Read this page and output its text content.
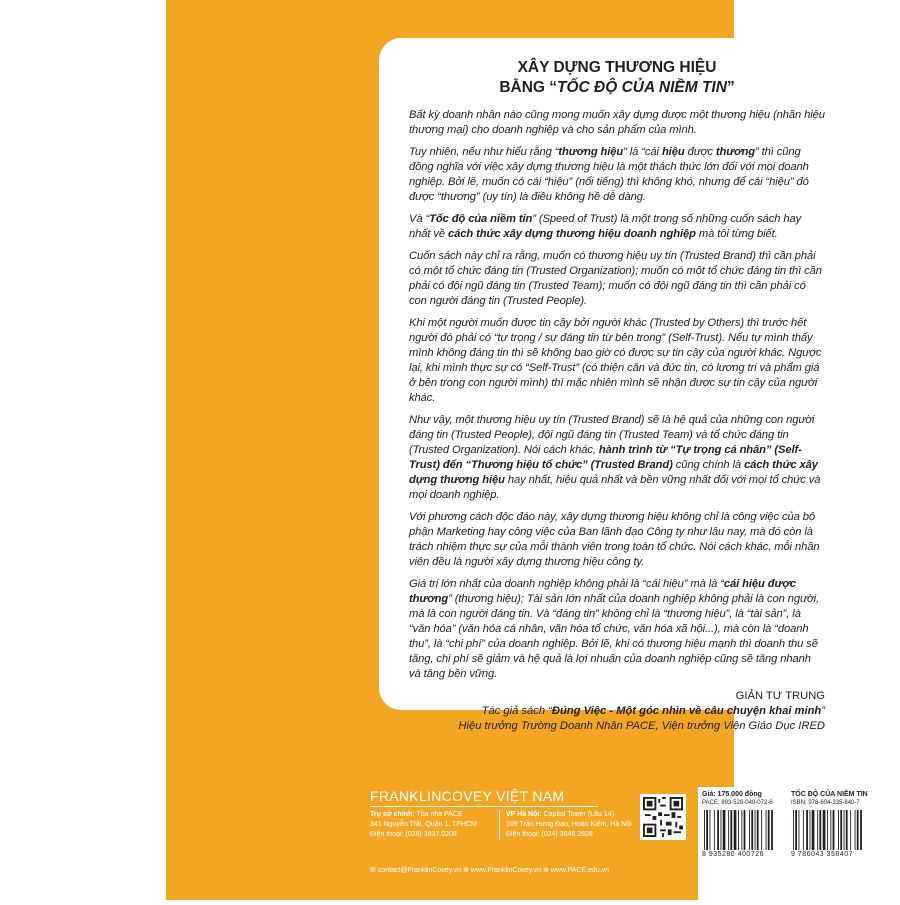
XÂY DỰNG THƯƠNG HIỆU
BẰNG “TỐC ĐỘ CỦA NIỀM TIN”

Bất kỳ doanh nhân nào cũng mong muốn xây dựng được một thương hiệu (nhãn hiệu thương mại) cho doanh nghiệp và cho sản phẩm của mình.

Tuy nhiên, nếu như hiểu rằng “thương hiệu” là “cái hiệu được thương” thì cũng đồng nghĩa với việc xây dựng thương hiệu là một thách thức lớn đối với mọi doanh nghiệp. Bởi lẽ, muốn có cái “hiệu” (nổi tiếng) thì không khó, nhưng để cái “hiệu” đó được “thương” (uy tín) là điều không hề dễ dàng.

Và “Tốc độ của niềm tin” (Speed of Trust) là một trong số những cuốn sách hay nhất về cách thức xây dựng thương hiệu doanh nghiệp mà tôi từng biết.

Cuốn sách này chỉ ra rằng, muốn có thương hiệu uy tín (Trusted Brand) thì cần phải có một tổ chức đáng tin (Trusted Organization); muốn có một tổ chức đáng tin thì cần phải có đội ngũ đáng tin (Trusted Team); muốn có đội ngũ đáng tin thì cần phải có con người đáng tin (Trusted People).

Khi một người muốn được tin cậy bởi người khác (Trusted by Others) thì trước hết người đó phải có “tự trọng / sự đáng tin từ bên trong” (Self-Trust). Nếu tự mình thấy mình không đáng tin thì sẽ không bao giờ có được sự tin cậy của người khác. Ngược lại, khi mình thực sự có “Self-Trust” (có thiện căn và đức tin, có lương tri và phẩm giá ở bên trong con người mình) thì mặc nhiên mình sẽ nhận được sự tin cậy của người khác.

Như vậy, một thương hiệu uy tín (Trusted Brand) sẽ là hệ quả của những con người đáng tin (Trusted People), đội ngũ đáng tin (Trusted Team) và tổ chức đáng tin (Trusted Organization). Nói cách khác, hành trình từ “Tự trọng cá nhân” (Self-Trust) đến “Thương hiệu tổ chức” (Trusted Brand) cũng chính là cách thức xây dựng thương hiệu hay nhất, hiệu quả nhất và bền vững nhất đối với mọi tổ chức và mọi doanh nghiệp.

Với phương cách độc đáo này, xây dựng thương hiệu không chỉ là công việc của bộ phận Marketing hay công việc của Ban lãnh đạo Công ty như lâu nay, mà đó còn là trách nhiệm thực sự của mỗi thành viên trong toàn tổ chức. Nói cách khác, mỗi nhân viên đều là người xây dựng thương hiệu công ty.

Giá trị lớn nhất của doanh nghiệp không phải là “cái hiệu” mà là “cái hiệu được thương” (thương hiệu); Tài sản lớn nhất của doanh nghiệp không phải là con người, mà là con người đáng tin. Và “đáng tin” không chỉ là “thương hiệu”, là “tài sản”, là “văn hóa” (văn hóa cá nhân, văn hóa tổ chức, văn hóa xã hội...), mà còn là “doanh thu”, là “chi phí” của doanh nghiệp. Bởi lẽ, khi có thương hiệu mạnh thì doanh thu sẽ tăng, chi phí sẽ giảm và hệ quả là lợi nhuận của doanh nghiệp cũng sẽ tăng nhanh và tăng bền vững.

GIẢN TƯ TRUNG
Tác giả sách “Đúng Việc - Một góc nhìn về câu chuyện khai minh”
Hiệu trưởng Trường Doanh Nhân PACE, Viện trưởng Viện Giáo Dục IRED
FRANKLINCOVEY VIỆT NAM
Trụ sở chính: Tòa nhà PACE
341 Nguyễn Trãi, Quận 1, TPHCM
Điện thoại: (028) 3837.0208
VP Hà Nội: Capital Tower (Lầu 14)
109 Trần Hưng Đạo, Hoàn Kiếm, Hà Nội
Điện thoại: (024) 3646.2828
✉ contact@FranklinCovey.vn ⊕ www.FranklinCovey.vn ⊕ www.PACE.edu.vn
Giá: 175.000 đồng
PACE: 893-528-040-072-6
8 935280 400726
TỐC ĐỘ CỦA NIỀM TIN
ISBN: 978-604-335-840-7
9 786043 358407
